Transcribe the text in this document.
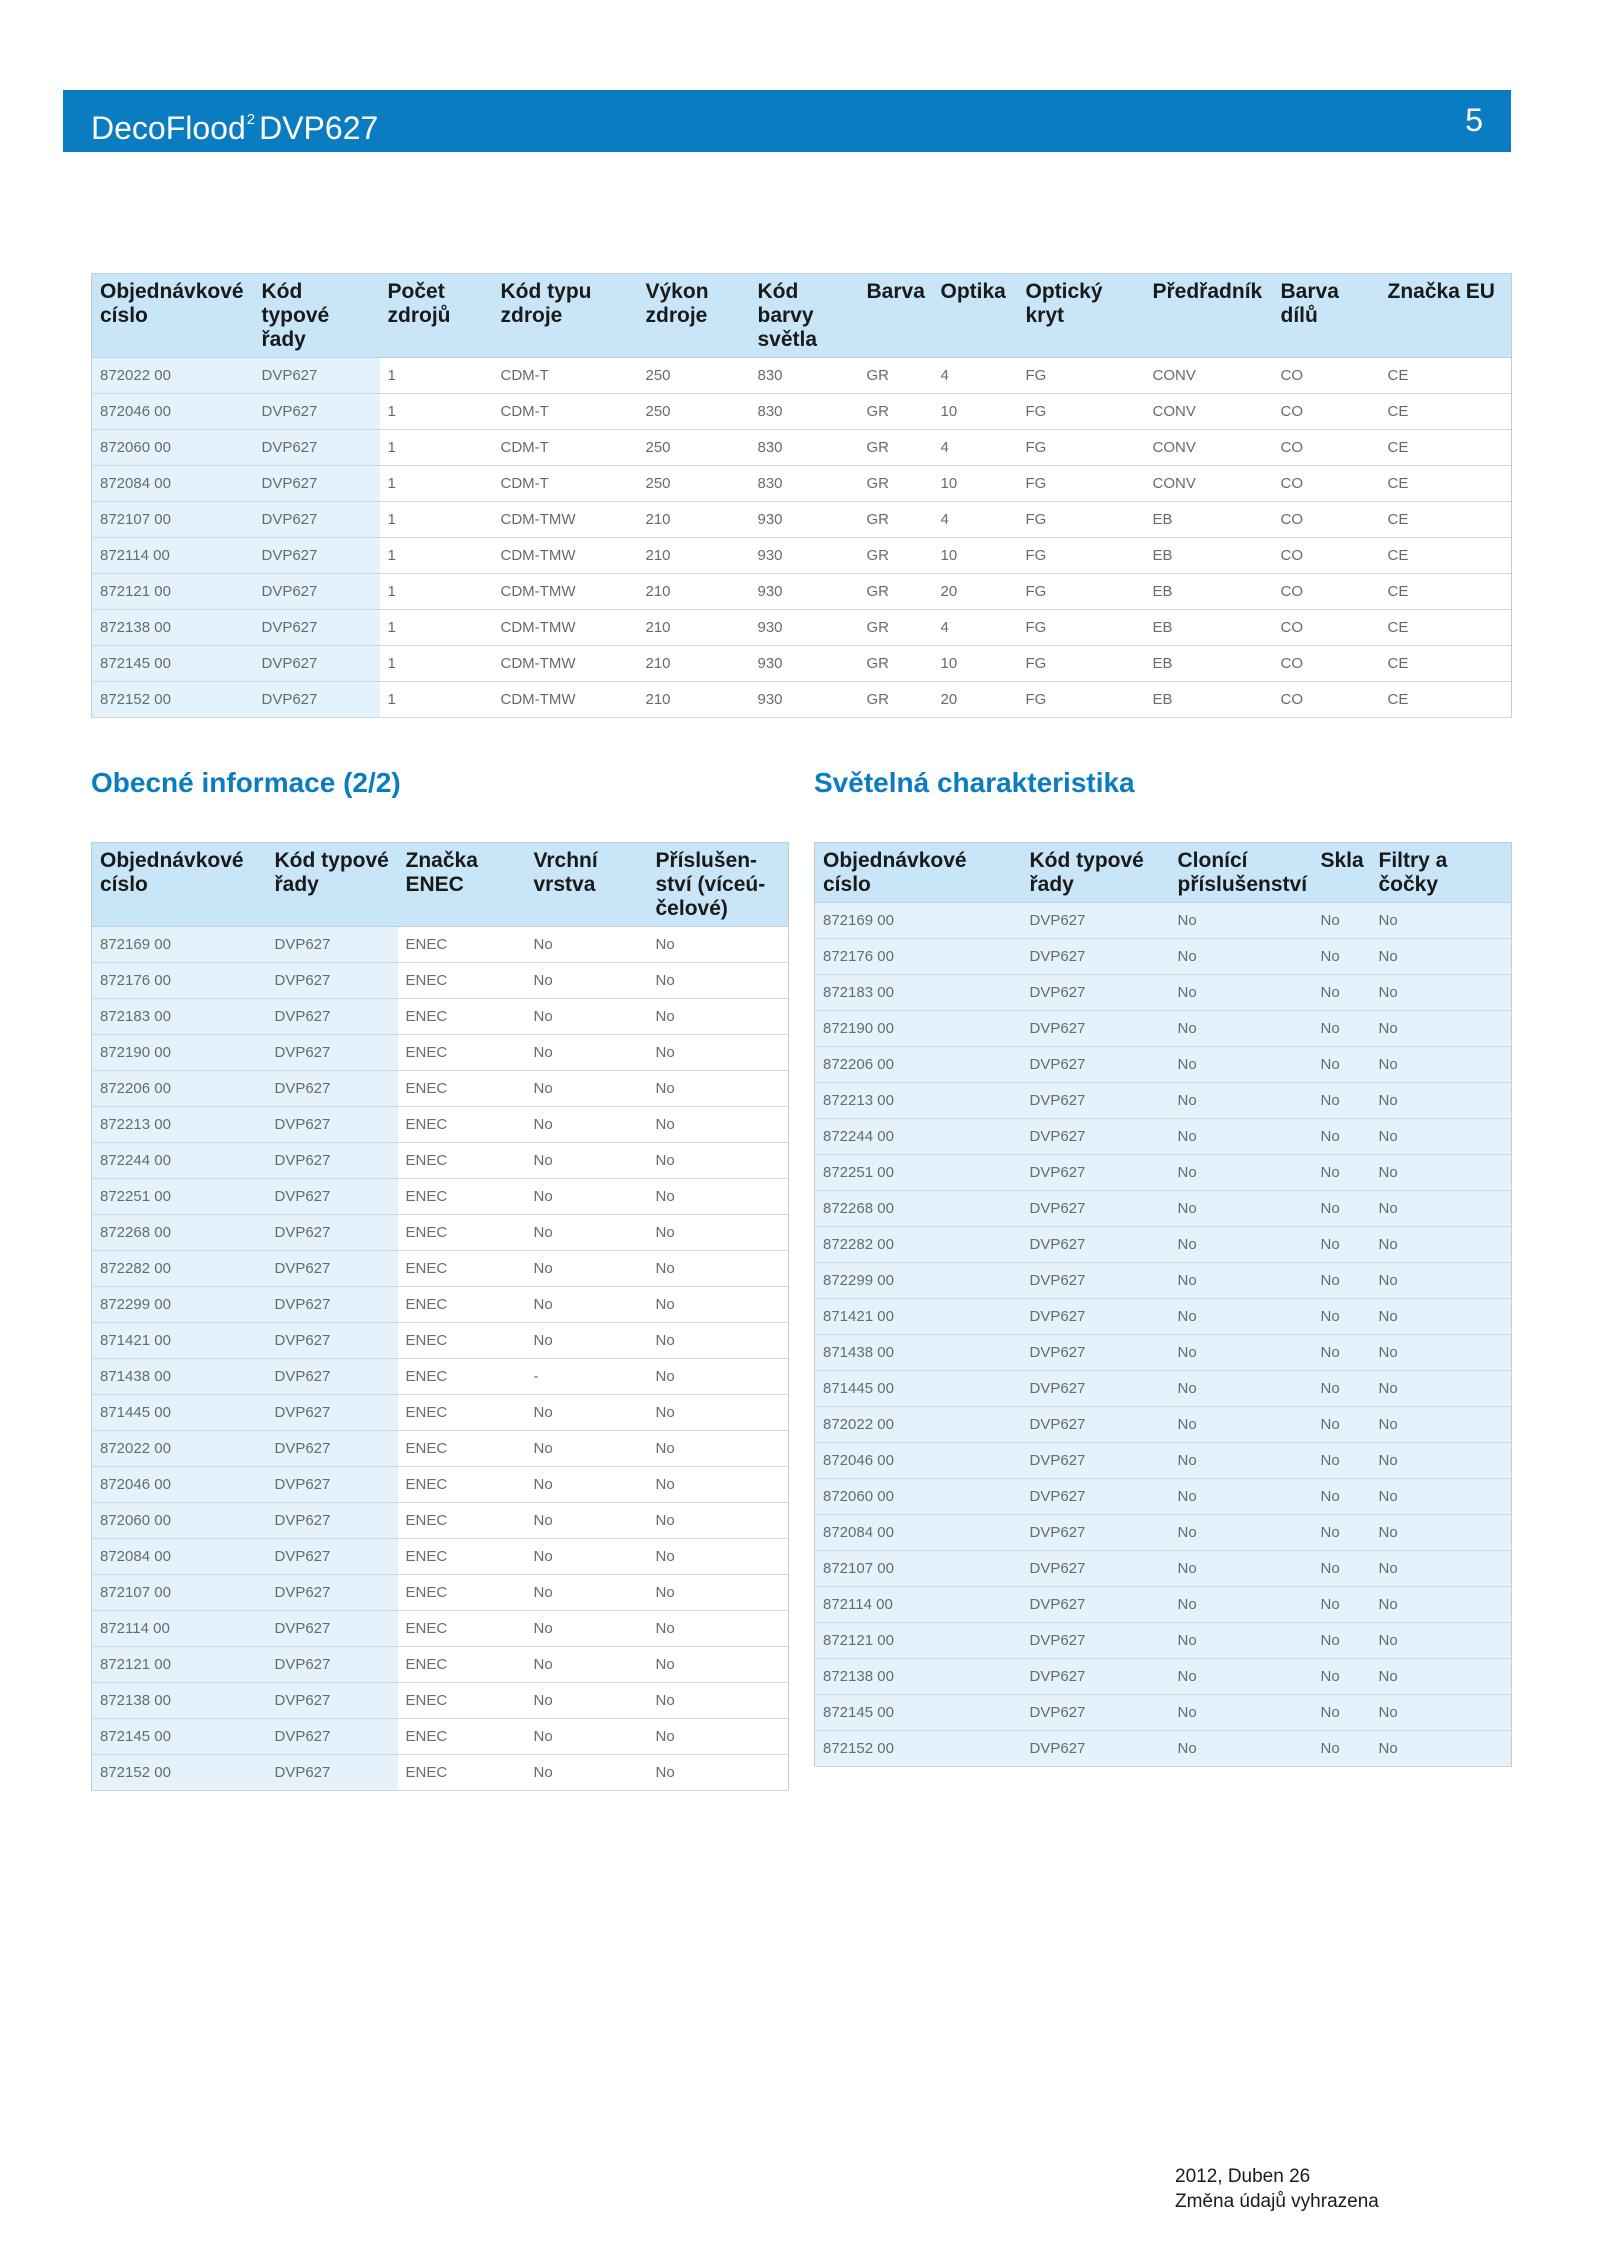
DecoFlood$^2$ DVP627	5
Objednávkové císlo	Kód typové řady	Počet zdrojů	Kód typu zdroje	Výkon zdroje	Kód barvy světla	Barva	Optika	Optický kryt	Předřadník	Barva dílů	Značka EU
872022 00	DVP627	1	CDM-T	250	830	GR	4	FG	CONV	CO	CE
872046 00	DVP627	1	CDM-T	250	830	GR	10	FG	CONV	CO	CE
872060 00	DVP627	1	CDM-T	250	830	GR	4	FG	CONV	CO	CE
872084 00	DVP627	1	CDM-T	250	830	GR	10	FG	CONV	CO	CE
872107 00	DVP627	1	CDM-TMW	210	930	GR	4	FG	EB	CO	CE
872114 00	DVP627	1	CDM-TMW	210	930	GR	10	FG	EB	CO	CE
872121 00	DVP627	1	CDM-TMW	210	930	GR	20	FG	EB	CO	CE
872138 00	DVP627	1	CDM-TMW	210	930	GR	4	FG	EB	CO	CE
872145 00	DVP627	1	CDM-TMW	210	930	GR	10	FG	EB	CO	CE
872152 00	DVP627	1	CDM-TMW	210	930	GR	20	FG	EB	CO	CE
Obecné informace (2/2)	Světelná charakteristika
Objednávkové císlo	Kód typové řady	Značka ENEC	Vrchní vrstva	Příslušen-ství (víceú-čelové)
872169 00	DVP627	ENEC	No	No
872176 00	DVP627	ENEC	No	No
872183 00	DVP627	ENEC	No	No
872190 00	DVP627	ENEC	No	No
872206 00	DVP627	ENEC	No	No
872213 00	DVP627	ENEC	No	No
872244 00	DVP627	ENEC	No	No
872251 00	DVP627	ENEC	No	No
872268 00	DVP627	ENEC	No	No
872282 00	DVP627	ENEC	No	No
872299 00	DVP627	ENEC	No	No
871421 00	DVP627	ENEC	No	No
871438 00	DVP627	ENEC	-	No
871445 00	DVP627	ENEC	No	No
872022 00	DVP627	ENEC	No	No
872046 00	DVP627	ENEC	No	No
872060 00	DVP627	ENEC	No	No
872084 00	DVP627	ENEC	No	No
872107 00	DVP627	ENEC	No	No
872114 00	DVP627	ENEC	No	No
872121 00	DVP627	ENEC	No	No
872138 00	DVP627	ENEC	No	No
872145 00	DVP627	ENEC	No	No
872152 00	DVP627	ENEC	No	No
Objednávkové císlo	Kód typové řady	Clonící příslušenství	Skla	Filtry a čočky
872169 00	DVP627	No	No	No
872176 00	DVP627	No	No	No
872183 00	DVP627	No	No	No
872190 00	DVP627	No	No	No
872206 00	DVP627	No	No	No
872213 00	DVP627	No	No	No
872244 00	DVP627	No	No	No
872251 00	DVP627	No	No	No
872268 00	DVP627	No	No	No
872282 00	DVP627	No	No	No
872299 00	DVP627	No	No	No
871421 00	DVP627	No	No	No
871438 00	DVP627	No	No	No
871445 00	DVP627	No	No	No
872022 00	DVP627	No	No	No
872046 00	DVP627	No	No	No
872060 00	DVP627	No	No	No
872084 00	DVP627	No	No	No
872107 00	DVP627	No	No	No
872114 00	DVP627	No	No	No
872121 00	DVP627	No	No	No
872138 00	DVP627	No	No	No
872145 00	DVP627	No	No	No
872152 00	DVP627	No	No	No
2012, Duben 26
Změna údajů vyhrazena
